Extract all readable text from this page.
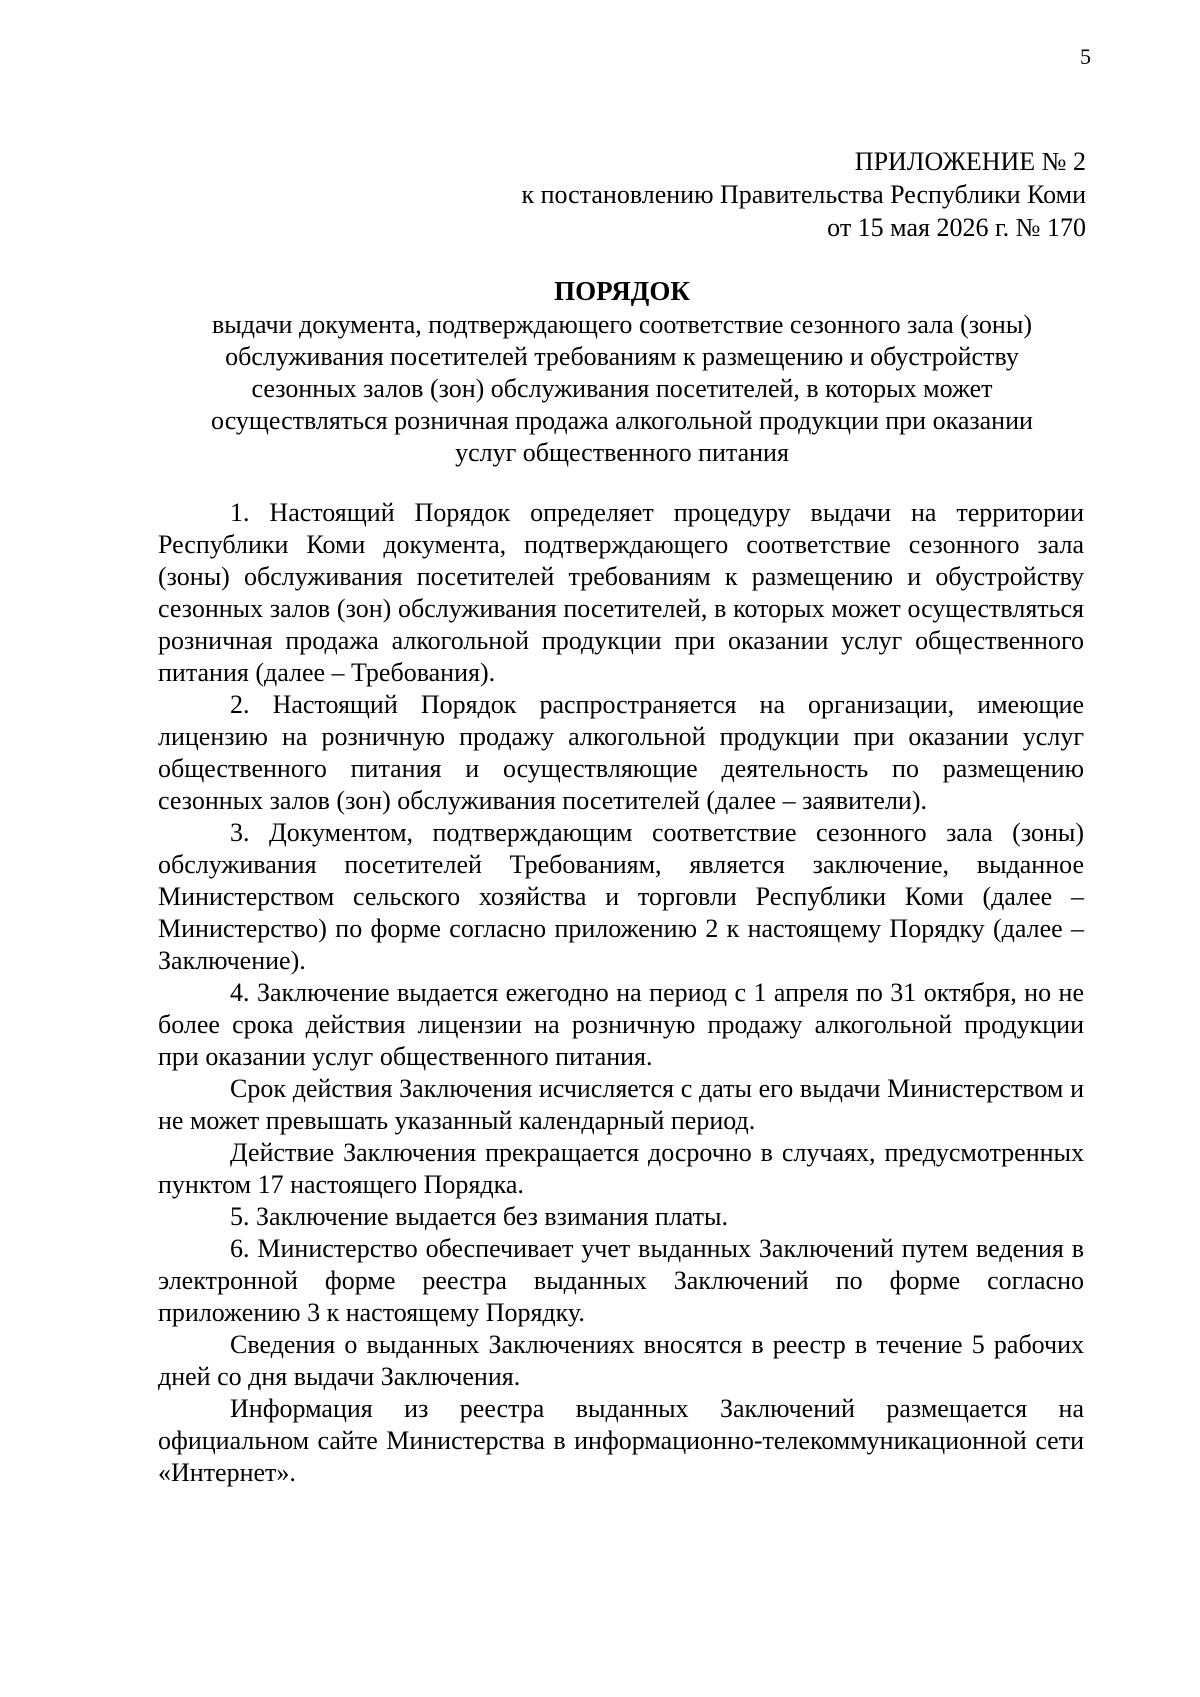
5
ПРИЛОЖЕНИЕ № 2
к постановлению Правительства Республики Коми
от 15 мая 2026 г. № 170
ПОРЯДОК
выдачи документа, подтверждающего соответствие сезонного зала (зоны)
обслуживания посетителей требованиям к размещению и обустройству
сезонных залов (зон) обслуживания посетителей, в которых может
осуществляться розничная продажа алкогольной продукции при оказании
услуг общественного питания

1. Настоящий Порядок определяет процедуру выдачи на территории Республики Коми документа, подтверждающего соответствие сезонного зала (зоны) обслуживания посетителей требованиям к размещению и обустройству сезонных залов (зон) обслуживания посетителей, в которых может осуществляться розничная продажа алкогольной продукции при оказании услуг общественного питания (далее – Требования).

2. Настоящий Порядок распространяется на организации, имеющие лицензию на розничную продажу алкогольной продукции при оказании услуг общественного питания и осуществляющие деятельность по размещению сезонных залов (зон) обслуживания посетителей (далее – заявители).

3. Документом, подтверждающим соответствие сезонного зала (зоны) обслуживания посетителей Требованиям, является заключение, выданное Министерством сельского хозяйства и торговли Республики Коми (далее – Министерство) по форме согласно приложению 2 к настоящему Порядку (далее – Заключение).

4. Заключение выдается ежегодно на период с 1 апреля по 31 октября, но не более срока действия лицензии на розничную продажу алкогольной продукции при оказании услуг общественного питания.

Срок действия Заключения исчисляется с даты его выдачи Министерством и не может превышать указанный календарный период.

Действие Заключения прекращается досрочно в случаях, предусмотренных пунктом 17 настоящего Порядка.

5. Заключение выдается без взимания платы.

6. Министерство обеспечивает учет выданных Заключений путем ведения в электронной форме реестра выданных Заключений по форме согласно приложению 3 к настоящему Порядку.

Сведения о выданных Заключениях вносятся в реестр в течение 5 рабочих дней со дня выдачи Заключения.

Информация из реестра выданных Заключений размещается на официальном сайте Министерства в информационно-телекоммуникационной сети «Интернет».
